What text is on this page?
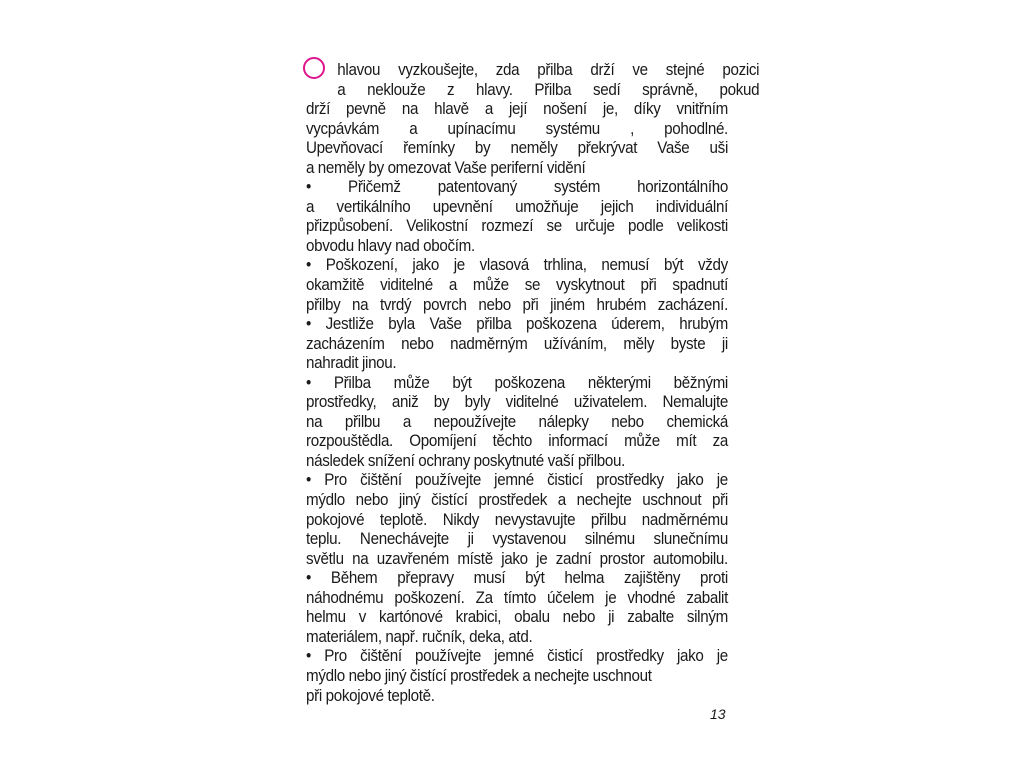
hlavou vyzkoušejte, zda přilba drží ve stejné pozici
a neklouže z hlavy. Přilba sedí správně, pokud
drží pevně na hlavě a její nošení je, díky vnitřním
vycpávkám a upínacímu systému , pohodlné.
Upevňovací řemínky by neměly překrývat Vaše uši
a neměly by omezovat Vaše periferní vidění
• Přičemž patentovaný systém horizontálního
a vertikálního upevnění umožňuje jejich individuální
přizpůsobení. Velikostní rozmezí se určuje podle velikosti
obvodu hlavy nad obočím.
• Poškození, jako je vlasová trhlina, nemusí být vždy
okamžitě viditelné a může se vyskytnout při spadnutí
přilby na tvrdý povrch nebo při jiném hrubém zacházení.
• Jestliže byla Vaše přilba poškozena úderem, hrubým
zacházením nebo nadměrným užíváním, měly byste ji
nahradit jinou.
• Přilba může být poškozena některými běžnými
prostředky, aniž by byly viditelné uživatelem. Nemalujte
na přilbu a nepoužívejte nálepky nebo chemická
rozpouštědla. Opomíjení těchto informací může mít za
následek snížení ochrany poskytnuté vaší přilbou.
• Pro čištění používejte jemné čisticí prostředky jako je
mýdlo nebo jiný čistící prostředek a nechejte uschnout při
pokojové teplotě. Nikdy nevystavujte přilbu nadměrnému
teplu. Nenechávejte ji vystavenou silnému slunečnímu
světlu na uzavřeném místě jako je zadní prostor automobilu.
• Během přepravy musí být helma zajištěny proti
náhodnému poškození. Za tímto účelem je vhodné zabalit
helmu v kartónové krabici, obalu nebo ji zabalte silným
materiálem, např. ručník, deka, atd.
• Pro čištění používejte jemné čisticí prostředky jako je
mýdlo nebo jiný čistící prostředek a nechejte uschnout
při pokojové teplotě.
13
